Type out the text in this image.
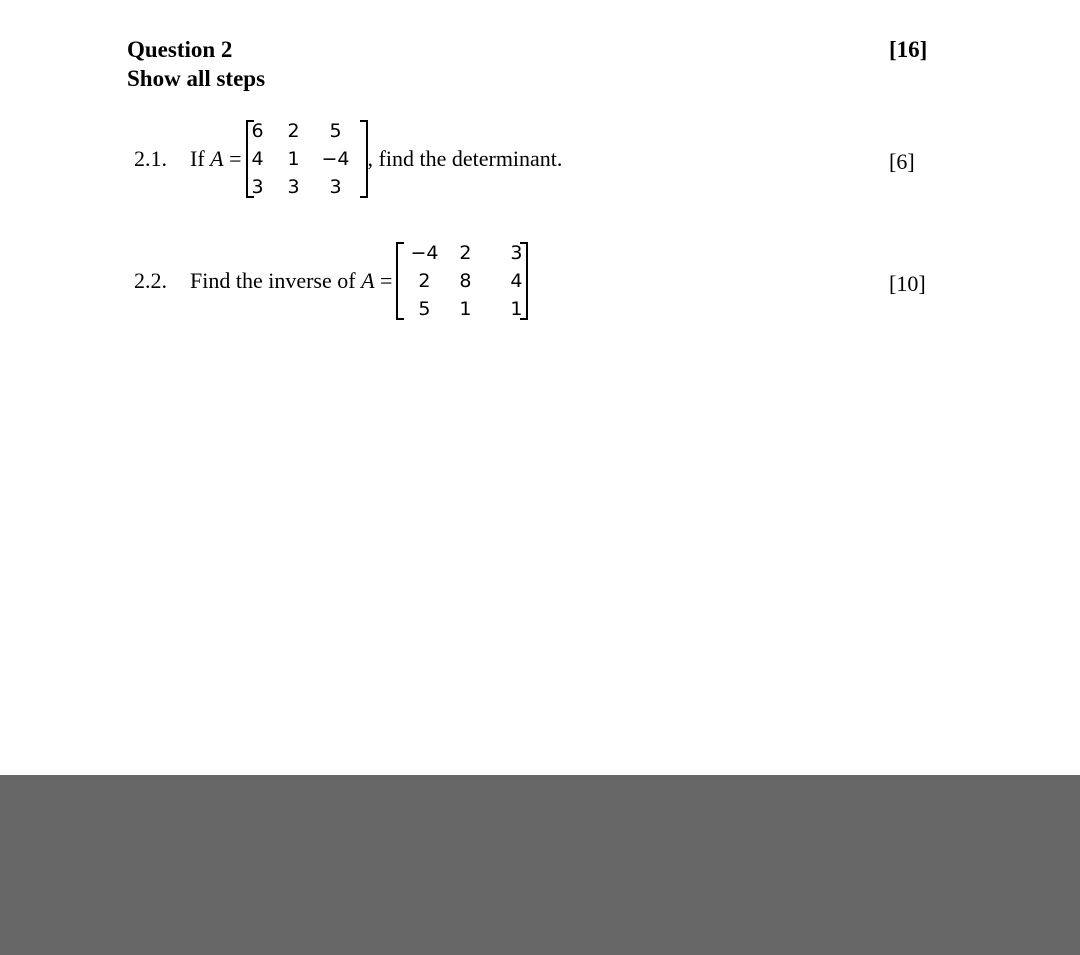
Question 2
Show all steps
[16]
2.1.	If
A
=
6	2	5
4	1	−4
3	3	3
, find the determinant.	[6]
2.2.	Find the inverse of
A
=
−4	2	3
2	8	4
5	1	1
[10]
